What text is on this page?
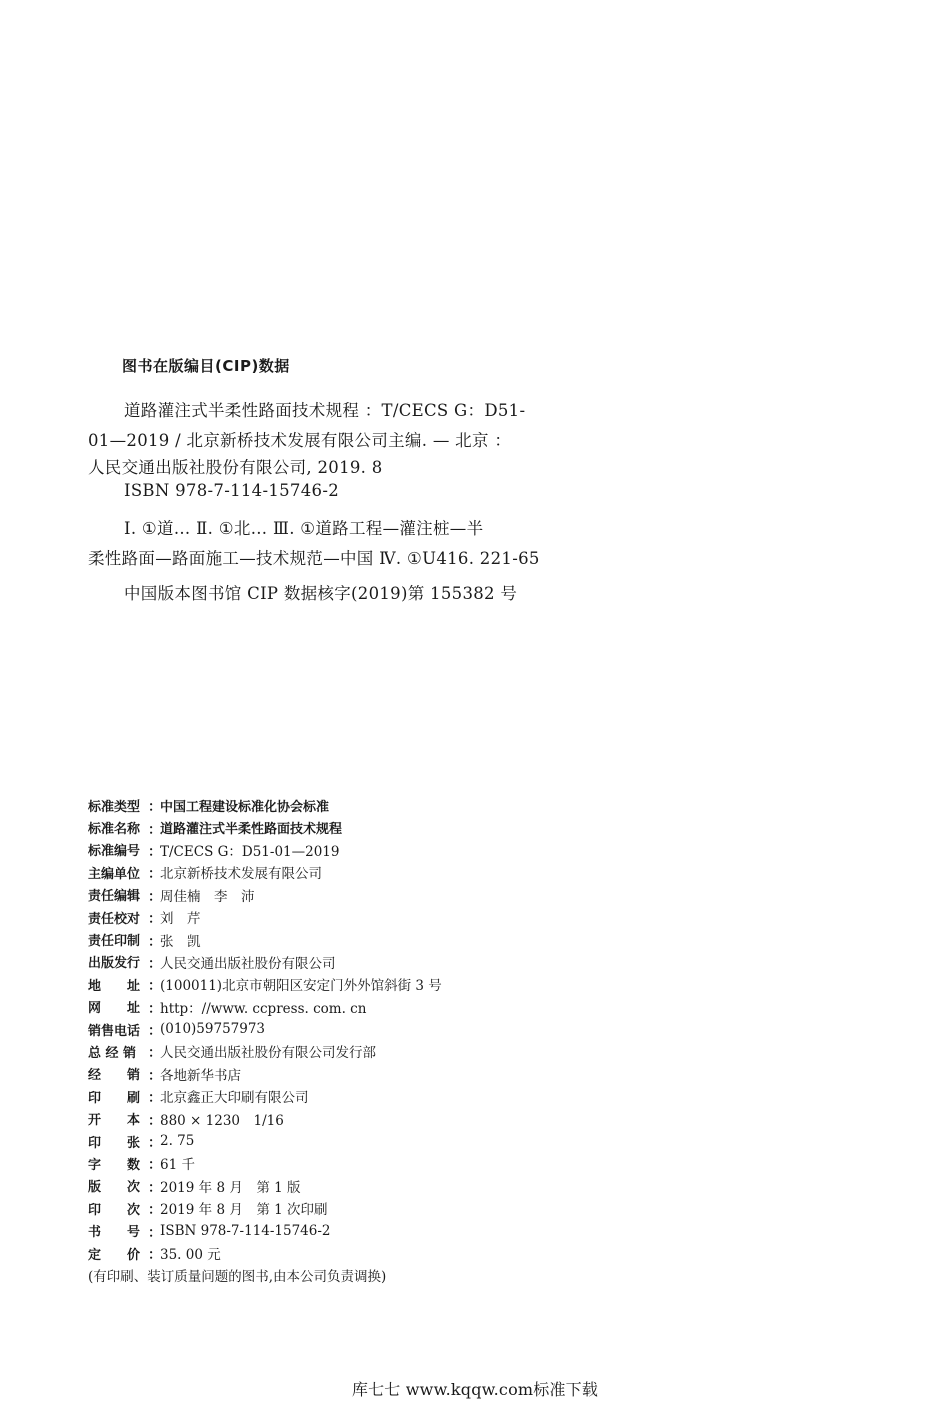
图书在版编目(CIP)数据
道路灌注式半柔性路面技术规程 ：T/CECS G：D51-
01—2019 / 北京新桥技术发展有限公司主编. — 北京 ：
人民交通出版社股份有限公司, 2019. 8
ISBN 978-7-114-15746-2
Ⅰ. ①道… Ⅱ. ①北… Ⅲ. ①道路工程—灌注桩—半
柔性路面—路面施工—技术规范—中国 Ⅳ. ①U416. 221-65
中国版本图书馆 CIP 数据核字(2019)第 155382 号
标准类型 ：
中国工程建设标准化协会标准
标准名称 ：
道路灌注式半柔性路面技术规程
标准编号 ：
T/CECS G：D51-01—2019
主编单位 ：
北京新桥技术发展有限公司
责任编辑 ：
周佳楠　李　沛
责任校对 ：
刘　芹
责任印制 ：
张　凯
出版发行 ：
人民交通出版社股份有限公司
地　　址 ：
(100011)北京市朝阳区安定门外外馆斜街 3 号
网　　址 ：
http：//www. ccpress. com. cn
销售电话 ：
(010)59757973
总 经 销 ：
人民交通出版社股份有限公司发行部
经　　销 ：
各地新华书店
印　　刷 ：
北京鑫正大印刷有限公司
开　　本 ：
880 × 1230　1/16
印　　张 ：
2. 75
字　　数 ：
61 千
版　　次 ：
2019 年 8 月　第 1 版
印　　次 ：
2019 年 8 月　第 1 次印刷
书　　号 ：
ISBN 978-7-114-15746-2
定　　价 ：
35. 00 元
(有印刷、装订质量问题的图书,由本公司负责调换)
库七七 www.kqqw.com标准下载
